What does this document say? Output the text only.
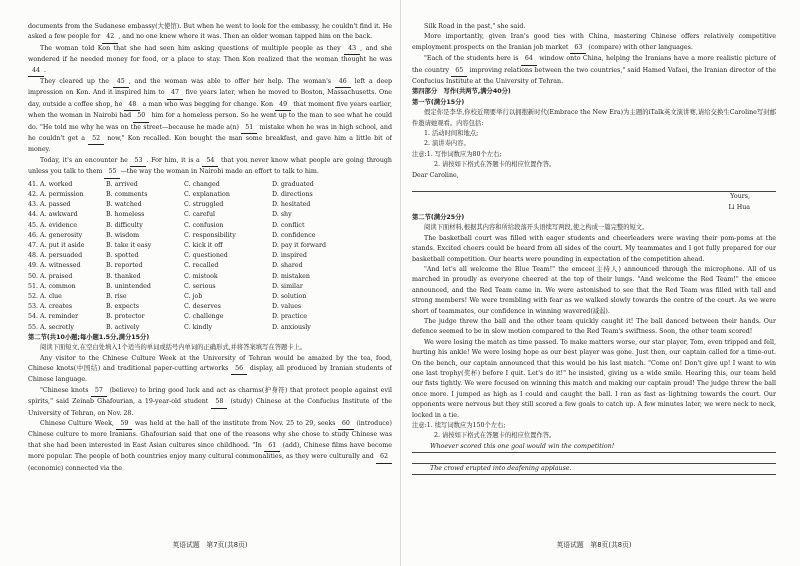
documents from the Sudanese embassy(大使馆). But when he went to look for the embassy, he couldn't find it. He asked a few people for 42 , and no one knew where it was. Then an older woman tapped him on the back.

The woman told Kon that she had seen him asking questions of multiple people as they 43 , and she wondered if he needed money for food, or a place to stay. Then Kon realized that the woman thought he was 44 .

They cleared up the 45 , and the woman was able to offer her help. The woman's 46 left a deep impression on Kon. And it inspired him to 47 five years later, when he moved to Boston, Massachusetts. One day, outside a coffee shop, he 48 a man who was begging for change. Kon 49 that moment five years earlier, when the woman in Nairobi had 50 him for a homeless person. So he went up to the man to see what he could do. "He told me why he was on the street—because he made a(n) 51 mistake when he was in high school, and he couldn't get a 52 now," Kon recalled. Kon bought the man some breakfast, and gave him a little bit of money.

Today, it's an encounter he 53 . For him, it is a 54 that you never know what people are going through unless you talk to them 55 —the way the woman in Nairobi made an effort to talk to him.

41. A. worked	B. arrived	C. changed	D. graduated
42. A. permission	B. comments	C. explanation	D. directions
43. A. passed	B. watched	C. struggled	D. hesitated
44. A. awkward	B. homeless	C. careful	D. shy
45. A. evidence	B. difficulty	C. confusion	D. conflict
46. A. generosity	B. wisdom	C. responsibility	D. confidence
47. A. put it aside	B. take it easy	C. kick it off	D. pay it forward
48. A. persuaded	B. spotted	C. questioned	D. inspired
49. A. witnessed	B. reported	C. recalled	D. shared
50. A. praised	B. thanked	C. mistook	D. mistaken
51. A. common	B. unintended	C. serious	D. similar
52. A. clue	B. rise	C. job	D. solution
53. A. creates	B. expects	C. deserves	D. values
54. A. reminder	B. protector	C. challenge	D. practice
55. A. secretly	B. actively	C. kindly	D. anxiously

第二节(共10小题;每小题1.5分,满分15分)

阅读下面短文,在空白处填入1个适当的单词或括号内单词的正确形式,并将答案填写在答题卡上。

Any visitor to the Chinese Culture Week at the University of Tehran would be amazed by the tea, food, Chinese knots(中国结) and traditional paper-cutting artworks 56 display, all produced by Iranian students of Chinese language.

"Chinese knots 57 (believe) to bring good luck and act as charms(护身符) that protect people against evil spirits," said Zeinab Ghafourian, a 19-year-old student 58 (study) Chinese at the Confucius Institute of the University of Tehran, on Nov. 28.

Chinese Culture Week, 59 was held at the hall of the institute from Nov. 25 to 29, seeks 60 (introduce) Chinese culture to more Iranians. Ghafourian said that one of the reasons why she chose to study Chinese was that she had been interested in East Asian cultures since childhood. "In 61 (add), Chinese films have become more popular. The people of both countries enjoy many cultural commonalities, as they were culturally and 62 (economic) connected via the

英语试题　第7页(共8页)

Silk Road in the past," she said.

More importantly, given Iran's good ties with China, mastering Chinese offers relatively competitive employment prospects on the Iranian job market 63 (compare) with other languages.

"Each of the students here is 64 window onto China, helping the Iranians have a more realistic picture of the country 65 improving relations between the two countries," said Hamed Vafaei, the Iranian director of the Confucius Institute at the University of Tehran.

第四部分　写作(共两节,满分40分)

第一节(满分15分)

假定你是李华,你校近期要举行以拥抱新时代(Embrace the New Era)为主题的iTalk英文演讲赛,请给交换生Caroline写封邮件邀请她观看。内容包括:

1. 活动时间和地点;

2. 演讲寿内容。

注意:1. 写作词数应为80个左右;

2. 请按如下格式在答题卡的相应位置作答。

Dear Caroline,

Yours,

Li Hua

第二节(满分25分)

阅读下面材料,根据其内容和所给段落开头语续写两段,使之构成一篇完整的短文。

The basketball court was filled with eager students and cheerleaders were waving their pom-poms at the stands. Excited cheers could be heard from all sides of the court. My teammates and I got fully prepared for our basketball competition. Our hearts were pounding in expectation of the competition ahead.

"And let's all welcome the Blue Team!" the emcee(主持人) announced through the microphone. All of us marched in proudly as everyone cheered at the top of their lungs. "And welcome the Red Team!" the emcee announced, and the Red Team came in. We were astonished to see that the Red Team was filled with tall and strong members! We were trembling with fear as we walked slowly towards the centre of the court. As we were short of teammates, our confidence in winning wavered(减弱).

The judge threw the ball and the other team quickly caught it! The ball danced between their hands. Our defence seemed to be in slow motion compared to the Red Team's swiftness. Soon, the other team scored!

We were losing the match as time passed. To make matters worse, our star player, Tom, even tripped and fell, hurting his ankle! We were losing hope as our best player was gone. Just then, our captain called for a time-out. On the bench, our captain announced that this would be his last match. "Come on! Don't give up! I want to win one last trophy(奖杯) before I quit. Let's do it!" he insisted, giving us a wide smile. Hearing this, our team held our fists tightly. We were focused on winning this match and making our captain proud! The judge threw the ball once more. I jumped as high as I could and caught the ball. I ran as fast as lightning towards the court. Our opponents were nervous but they still scored a few goals to catch up. A few minutes later, we were neck to neck, locked in a tie.

注意:1. 续写词数应为150个左右;

2. 请按如下格式在答题卡的相应位置作答。

Whoever scored this one goal would win the competition!
The crowd erupted into deafening applause.
英语试题　第8页(共8页)
